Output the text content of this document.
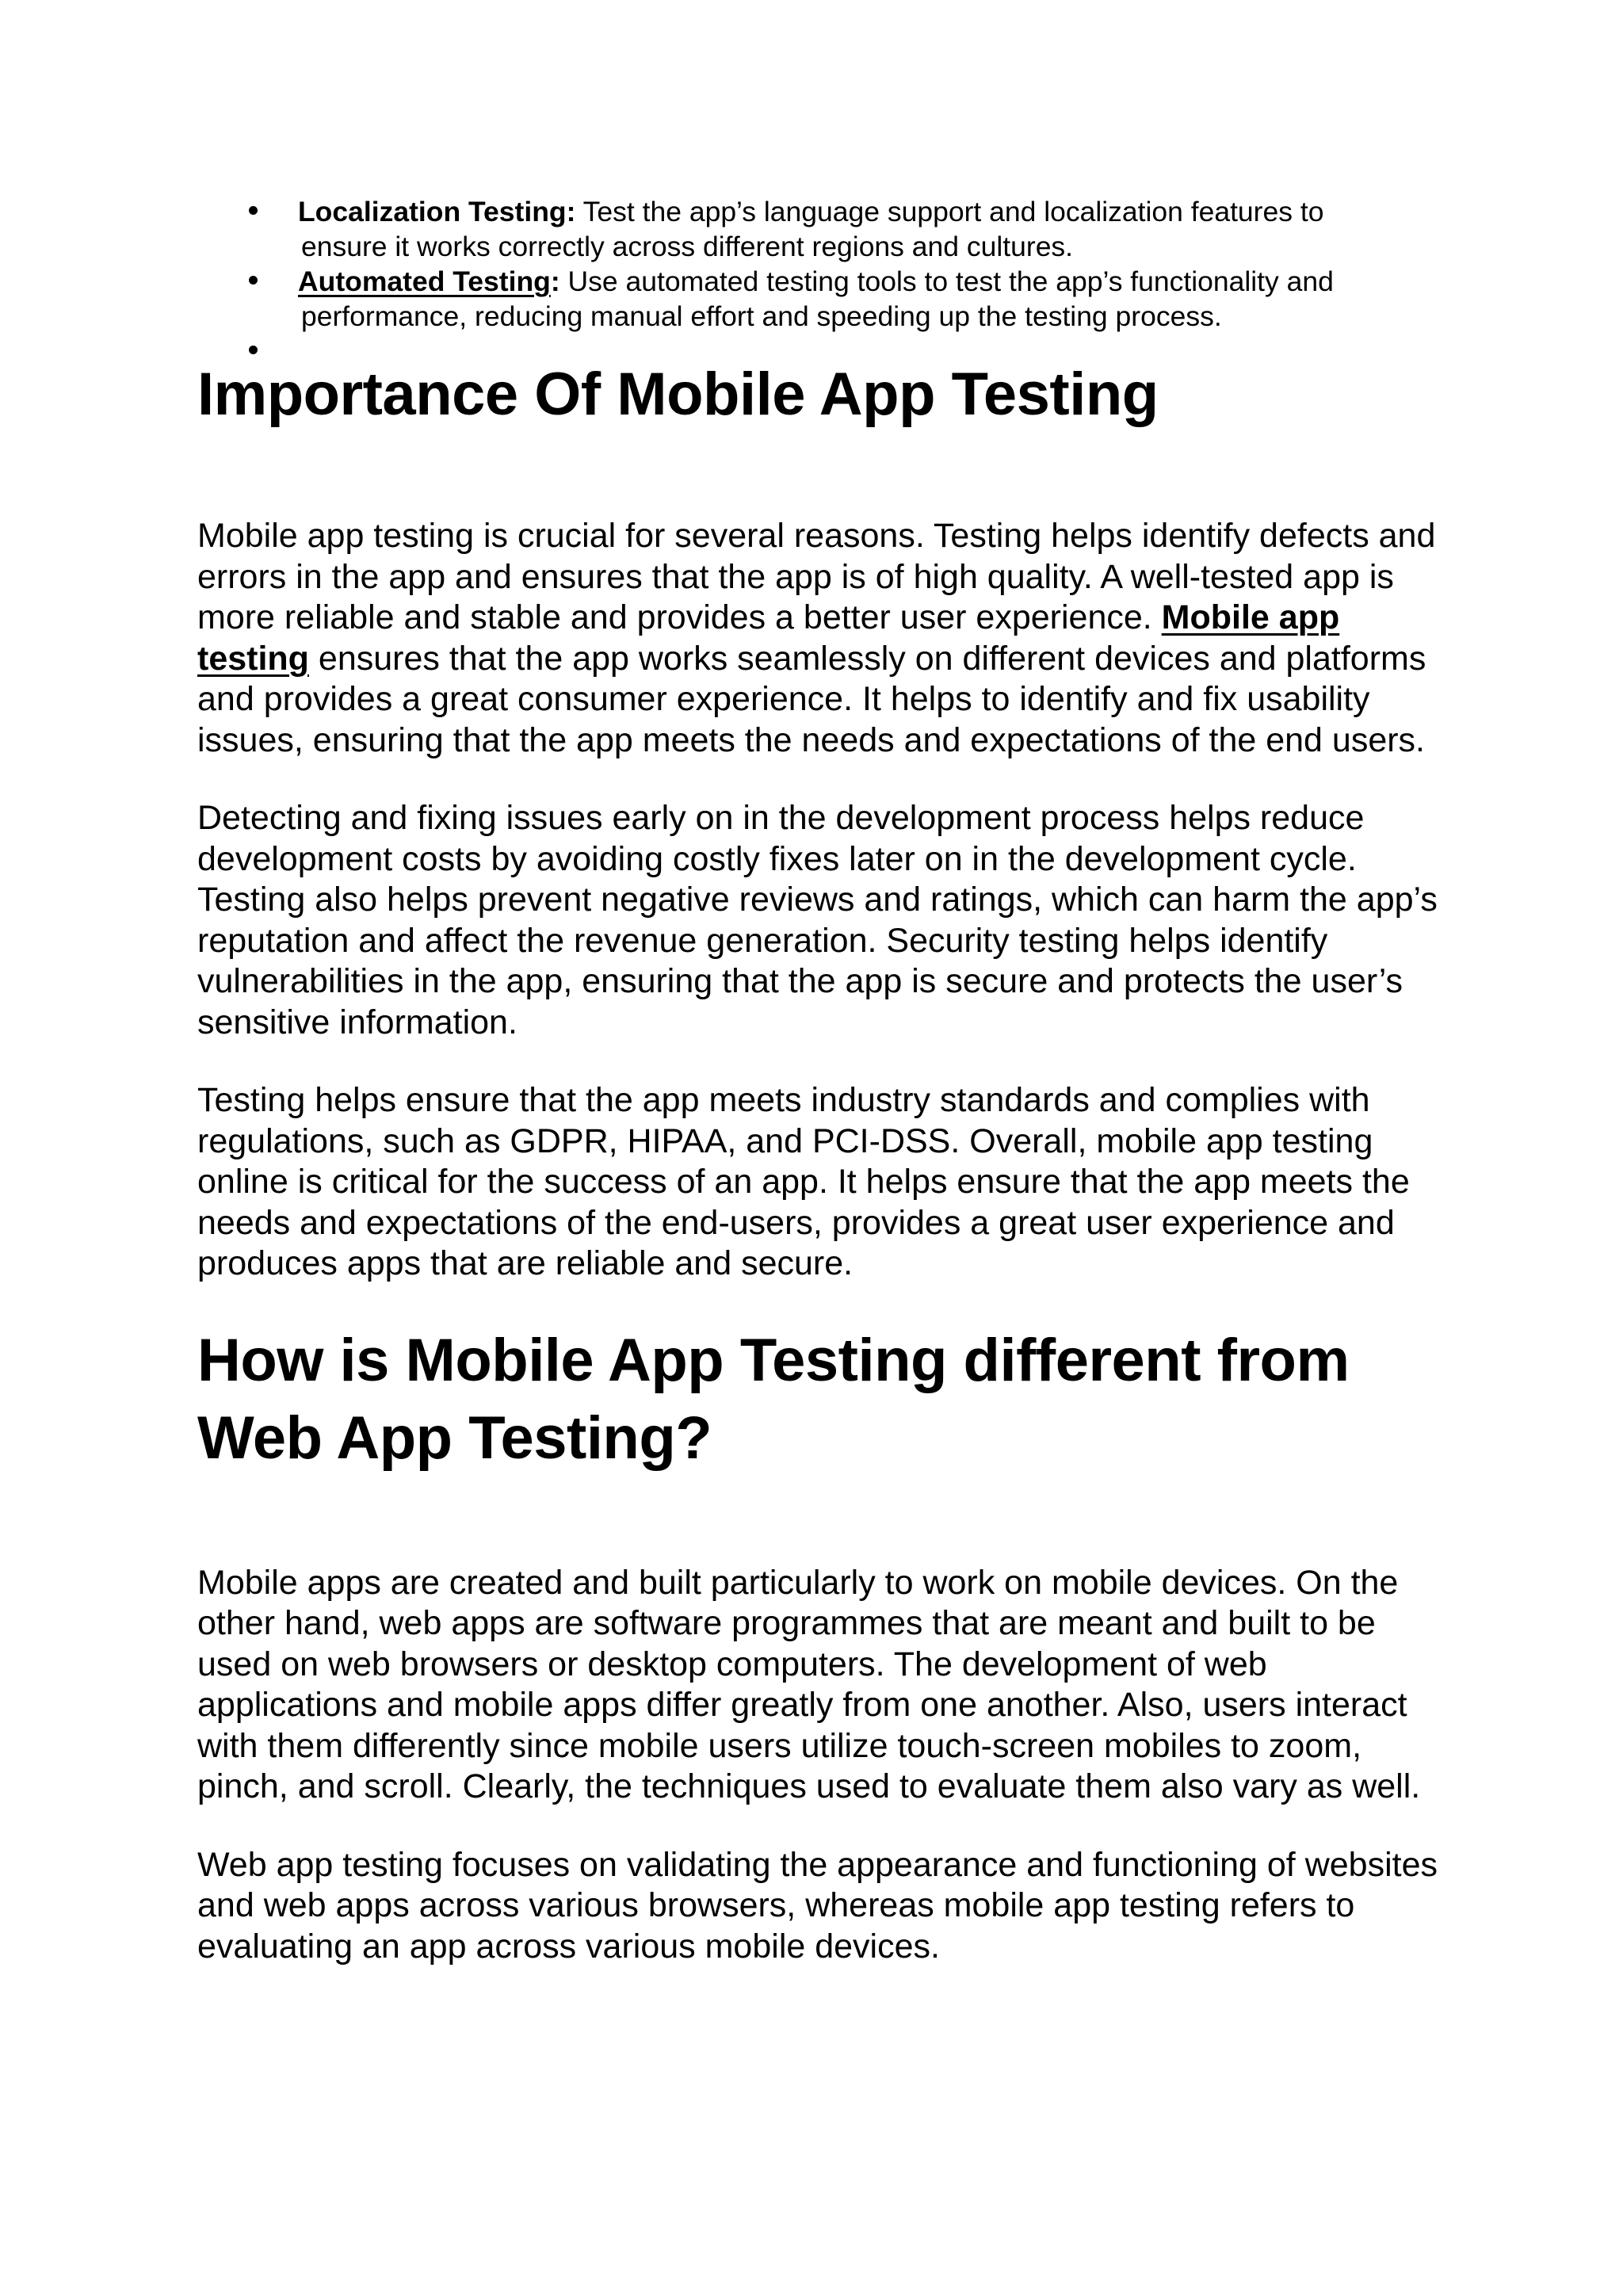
Localization Testing: Test the app’s language support and localization features to
ensure it works correctly across different regions and cultures.
Automated Testing: Use automated testing tools to test the app’s functionality and
performance, reducing manual effort and speeding up the testing process.
Importance Of Mobile App Testing

Mobile app testing is crucial for several reasons. Testing helps identify defects and errors in the app and ensures that the app is of high quality. A well-tested app is more reliable and stable and provides a better user experience. Mobile app testing ensures that the app works seamlessly on different devices and platforms and provides a great consumer experience. It helps to identify and fix usability issues, ensuring that the app meets the needs and expectations of the end users.

Detecting and fixing issues early on in the development process helps reduce development costs by avoiding costly fixes later on in the development cycle. Testing also helps prevent negative reviews and ratings, which can harm the app’s reputation and affect the revenue generation. Security testing helps identify vulnerabilities in the app, ensuring that the app is secure and protects the user’s sensitive information.

Testing helps ensure that the app meets industry standards and complies with regulations, such as GDPR, HIPAA, and PCI-DSS. Overall, mobile app testing online is critical for the success of an app. It helps ensure that the app meets the needs and expectations of the end-users, provides a great user experience and produces apps that are reliable and secure.

How is Mobile App Testing different from
Web App Testing?

Mobile apps are created and built particularly to work on mobile devices. On the other hand, web apps are software programmes that are meant and built to be used on web browsers or desktop computers. The development of web applications and mobile apps differ greatly from one another. Also, users interact with them differently since mobile users utilize touch-screen mobiles to zoom, pinch, and scroll. Clearly, the techniques used to evaluate them also vary as well.

Web app testing focuses on validating the appearance and functioning of websites and web apps across various browsers, whereas mobile app testing refers to evaluating an app across various mobile devices.
